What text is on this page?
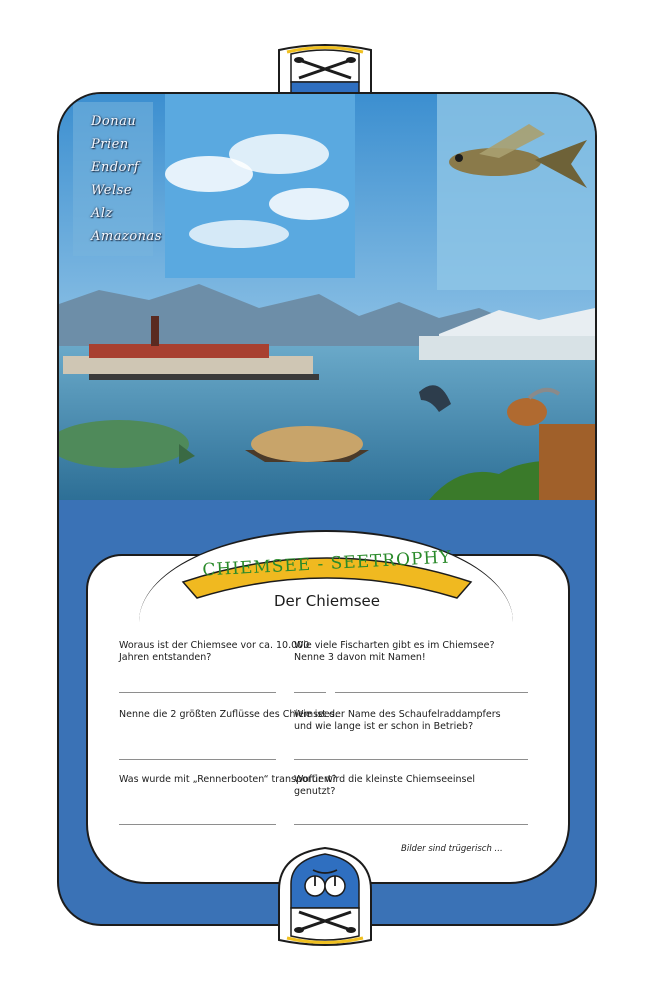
Donau
Prien
Endorf
Welse
Alz
Amazonas
CHIEMSEE - SEETROPHY
Der Chiemsee
Woraus ist der Chiemsee vor ca. 10.000 Jahren entstanden?
Wie viele Fischarten gibt es im Chiemsee? Nenne 3 davon mit Namen!
Nenne die 2 größten Zuflüsse des Chiemsees.
Wie ist der Name des Schaufelraddampfers und wie lange ist er schon in Betrieb?
Was wurde mit „Rennerbooten“ transportiert?
Wofür wird die kleinste Chiemseeinsel genutzt?
Bilder sind trügerisch ...
